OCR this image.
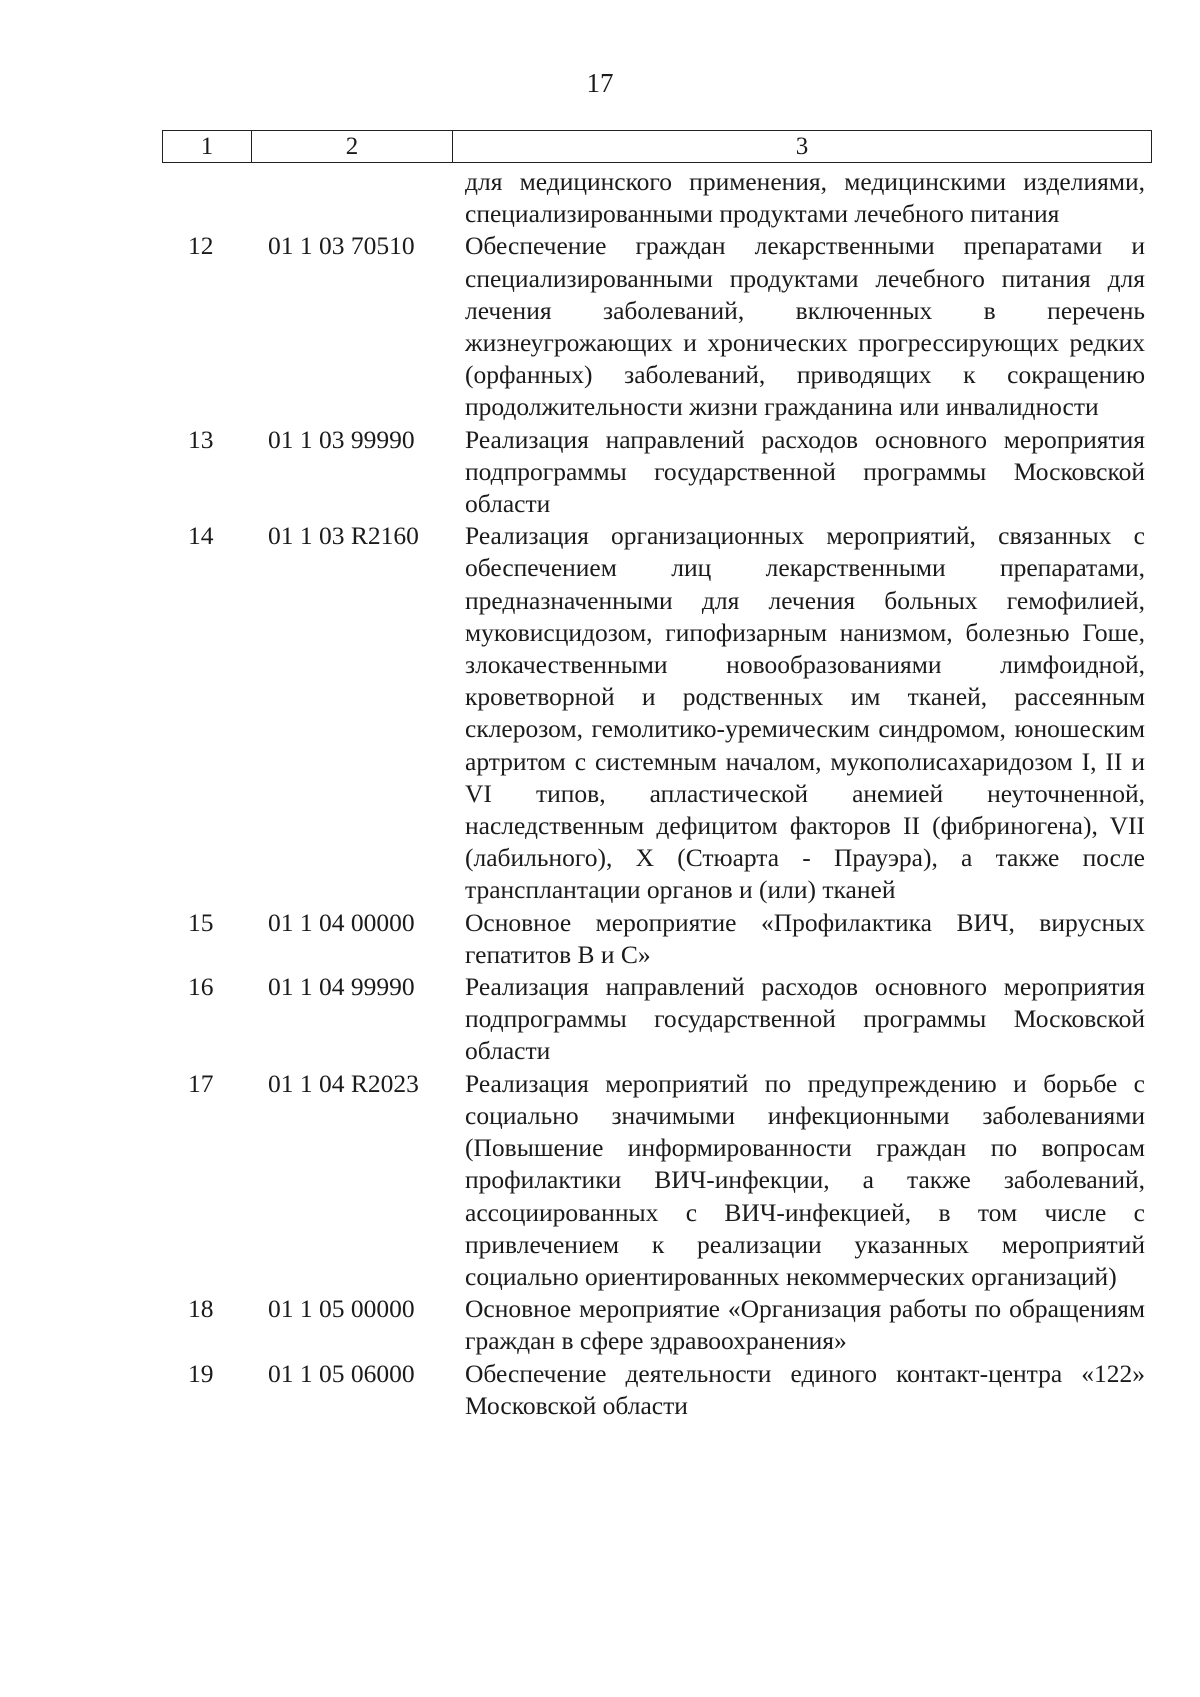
17
1	2	3
для медицинского применения, медицинскими изделиями, специализированными продуктами лечебного питания
12	01 1 03 70510	Обеспечение граждан лекарственными препаратами и специализированными продуктами лечебного питания для лечения заболеваний, включенных в перечень жизнеугрожающих и хронических прогрессирующих редких (орфанных) заболеваний, приводящих к сокращению продолжительности жизни гражданина или инвалидности
13	01 1 03 99990	Реализация направлений расходов основного мероприятия подпрограммы государственной программы Московской области
14	01 1 03 R2160	Реализация организационных мероприятий, связанных с обеспечением лиц лекарственными препаратами, предназначенными для лечения больных гемофилией, муковисцидозом, гипофизарным нанизмом, болезнью Гоше, злокачественными новообразованиями лимфоидной, кроветворной и родственных им тканей, рассеянным склерозом, гемолитико-уремическим синдромом, юношеским артритом с системным началом, мукополисахаридозом I, II и VI типов, апластической анемией неуточненной, наследственным дефицитом факторов II (фибриногена), VII (лабильного), X (Стюарта - Прауэра), а также после трансплантации органов и (или) тканей
15	01 1 04 00000	Основное мероприятие «Профилактика ВИЧ, вирусных гепатитов В и С»
16	01 1 04 99990	Реализация направлений расходов основного мероприятия подпрограммы государственной программы Московской области
17	01 1 04 R2023	Реализация мероприятий по предупреждению и борьбе с социально значимыми инфекционными заболеваниями (Повышение информированности граждан по вопросам профилактики ВИЧ-инфекции, а также заболеваний, ассоциированных с ВИЧ-инфекцией, в том числе с привлечением к реализации указанных мероприятий социально ориентированных некоммерческих организаций)
18	01 1 05 00000	Основное мероприятие «Организация работы по обращениям граждан в сфере здравоохранения»
19	01 1 05 06000	Обеспечение деятельности единого контакт-центра «122» Московской области
